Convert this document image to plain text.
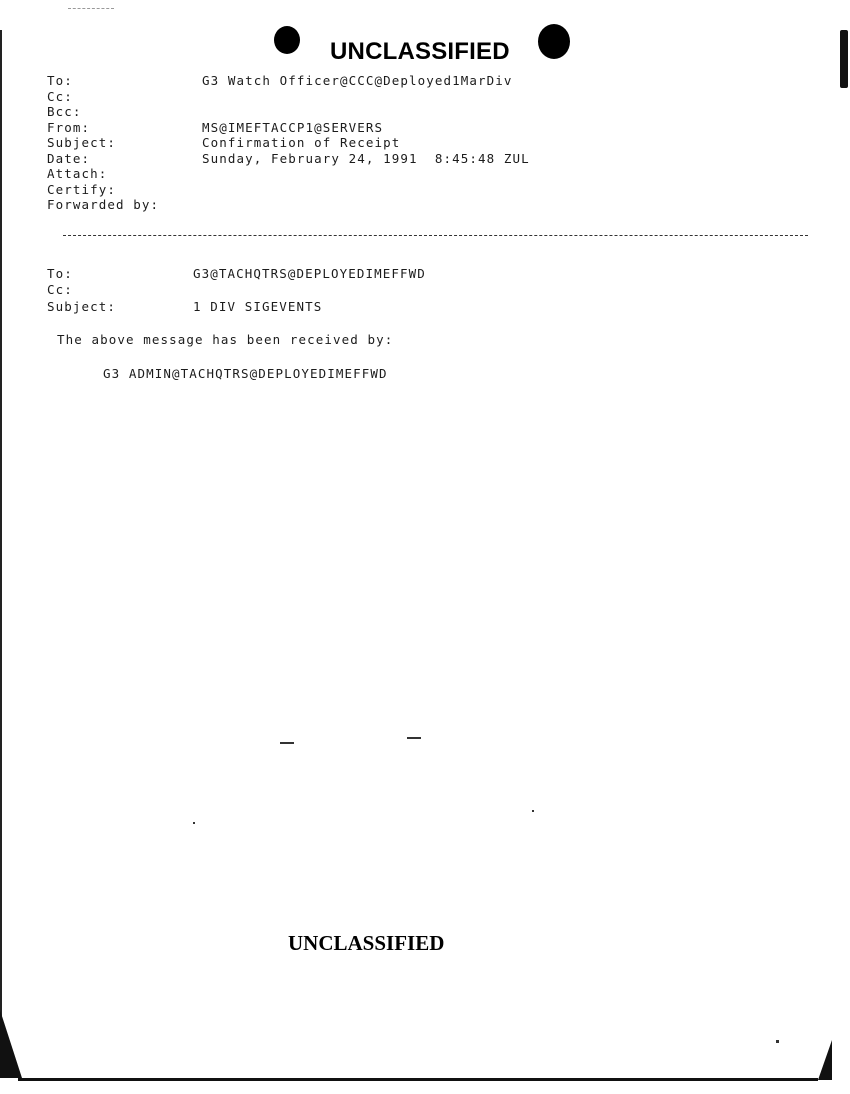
UNCLASSIFIED
To:	G3 Watch Officer@CCC@Deployed1MarDiv
Cc:
Bcc:
From:	MS@IMEFTACCP1@SERVERS
Subject:	Confirmation of Receipt
Date:	Sunday, February 24, 1991  8:45:48 ZUL
Attach:
Certify:
Forwarded by:
To:	G3@TACHQTRS@DEPLOYEDIMEFFWD
Cc:
Subject:	1 DIV SIGEVENTS
The above message has been received by:
G3 ADMIN@TACHQTRS@DEPLOYEDIMEFFWD
UNCLASSIFIED
